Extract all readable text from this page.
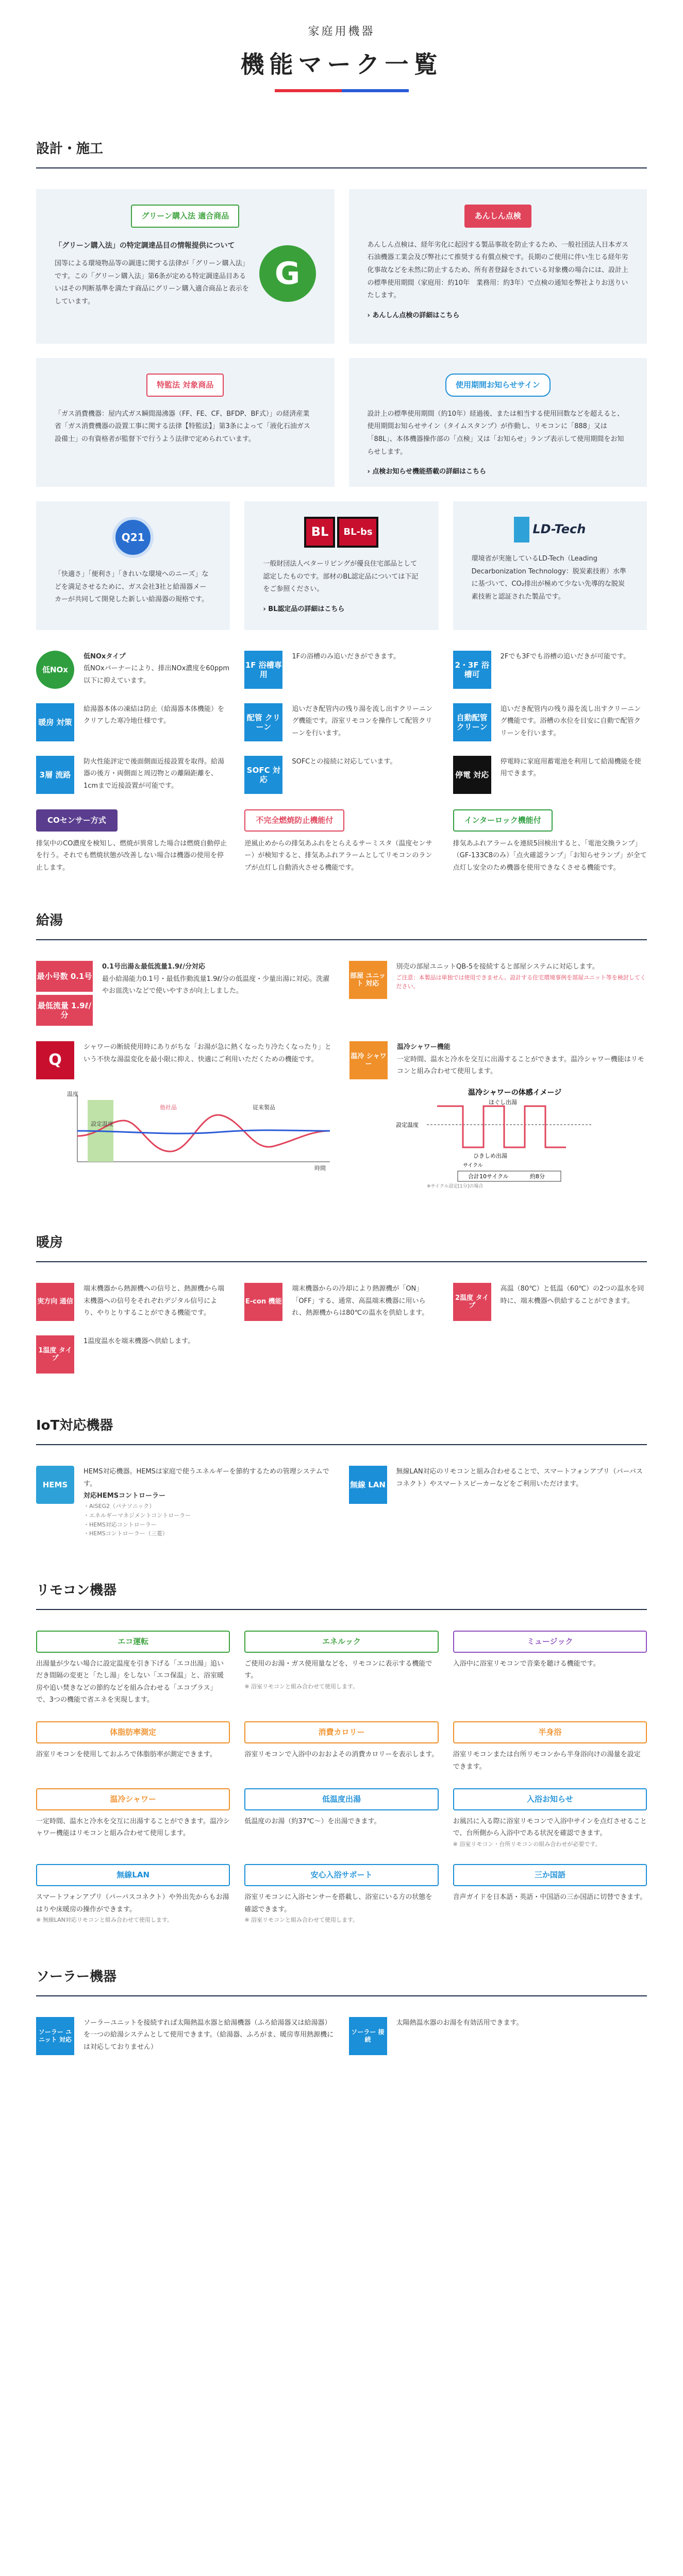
家庭用機器
機能マーク一覧
設計・施工
グリーン購入法 適合商品
「グリーン購入法」の特定調達品目の情報提供について
国等による環境物品等の調達に関する法律が「グリーン購入法」です。この「グリーン購入法」第6条が定める特定調達品目あるいはその判断基準を満たす商品にグリーン購入適合商品と表示をしています。
G
あんしん点検
あんしん点検は、経年劣化に起因する製品事故を防止するため、一般社団法人日本ガス石油機器工業会及び弊社にて推奨する有償点検です。長期のご使用に伴い生じる経年劣化事故などを未然に防止するため、所有者登録をされている対象機の場合には、設計上の標準使用期間（家庭用：約10年　業務用：約3年）で点検の通知を弊社よりお送りいたします。
› あんしん点検の詳細はこちら
特監法 対象商品
「ガス消費機器：屋内式ガス瞬間湯沸器（FF、FE、CF、BFDP、BF式）」の経済産業省「ガス消費機器の設置工事に関する法律【特監法】」第3条によって「液化石油ガス設備士」の有資格者が監督下で行うよう法律で定められています。
使用期間お知らせサイン
設計上の標準使用期間（約10年）経過後、または相当する使用回数などを超えると、使用期間お知らせサイン（タイムスタンプ）が作動し、リモコンに「888」又は「88L」、本体機器操作部の「点検」又は「お知らせ」ランプ表示して使用期間をお知らせします。
› 点検お知らせ機能搭載の詳細はこちら
Q21
「快適さ」「便利さ」「きれいな環境へのニーズ」などを満足させるために、ガス会社3社と給湯器メーカーが共同して開発した新しい給湯器の規格です。
BL	BL-bs
一般財団法人ベターリビングが優良住宅部品として認定したものです。部材のBL認定品については下記をご参照ください。
› BL認定品の詳細はこちら
LD-Tech
環境省が実施しているLD-Tech（Leading Decarbonization Technology：脱炭素技術）水準に基づいて、CO₂排出が極めて少ない先導的な脱炭素技術と認証された製品です。
低NOx
低NOxタイプ
低NOxバーナーにより、排出NOx濃度を60ppm以下に抑えています。
1F 浴槽専用
1Fの浴槽のみ追いだきができます。
2・3F 浴槽可
2Fでも3Fでも浴槽の追いだきが可能です。
暖房 対策
給湯器本体の凍結は防止（給湯器本体機能）をクリアした寒冷地仕様です。	配管 クリーン
追いだき配管内の残り湯を流し出すクリーニング機能です。浴室リモコンを操作して配管クリーンを行います。
自動配管 クリーン
追いだき配管内の残り湯を流し出すクリーニング機能です。浴槽の水位を目安に自動で配管クリーンを行います。
3層 流路
防火性能評定で後面側面近接設置を取得。給湯器の後方・両側面と周辺物との離隔距離を、1cmまで近接設置が可能です。
SOFC 対応
SOFCとの接続に対応しています。
停電 対応
停電時に家庭用蓄電池を利用して給湯機能を使用できます。
COセンサー方式
排気中のCO濃度を検知し、燃焼が異常した場合は燃焼自動停止を行う。それでも燃焼状態が改善しない場合は機器の使用を停止します。
不完全燃焼防止機能付
逆風止めからの排気あふれをとらえるサーミスタ（温度センサー）が検知すると、排気あふれアラームとしてリモコンのランプが点灯し自動消火させる機能です。
インターロック機能付
排気あふれアラームを連続5回検出すると、「電池交換ランプ」（GF-133C8のみ）「点火確認ランプ」「お知らせランプ」が全て点灯し安全のため機器を使用できなくさせる機能です。
給湯
最小号数 0.1号
最低流量 1.9ℓ/分
0.1号出湯＆最低流量1.9ℓ/分対応
最小給湯能力0.1号・最低作動流量1.9ℓ/分の低温度・少量出湯に対応。洗濯やお皿洗いなどで使いやすさが向上しました。
部屋 ユニット 対応
別売の部屋ユニットQB-5を接続すると部屋システムに対応します。
ご注意：本製品は単独では使用できません。設計する住宅環境事例を部屋ユニット等を検討してください。
Q
シャワーの断続使用時にありがちな「お湯が急に熱くなったり冷たくなったり」という不快な湯温変化を最小限に抑え、快適にご利用いただくための機能です。
他社品	従来製品
設定温度
温度
時間
温冷 シャワー
温冷シャワー機能
一定時間、温水と冷水を交互に出湯することができます。温冷シャワー機能はリモコンと組み合わせて使用します。
温冷シャワーの体感イメージ
設定温度
ほぐし出湯
ひきしめ出湯
サイクル
合計10サイクル	約8分
※サイクル設定[1分]の場合
暖房
実方向 通信
端末機器から熱源機への信号と、熱源機から端末機器への信号をそれぞれデジタル信号により、やりとりすることができる機能です。
E-con 機能
端末機器からの冷却により熱源機が「ON」「OFF」する、通常、高温端末機器に用いられ、熱源機からは80℃の温水を供給します。
2温度 タイプ
高温（80℃）と低温（60℃）の2つの温水を同時に、端末機器へ供給することができます。
1温度 タイプ
1温度温水を端末機器へ供給します。
IoT対応機器
HEMS
HEMS対応機器。HEMSは家庭で使うエネルギーを節約するための管理システムです。
対応HEMSコントローラー
・AiSEG2（パナソニック）
・エネルギーマネジメントコントローラー
・HEMS対応コントローラー
・HEMSコントローラー（三菱）
無線 LAN
無線LAN対応のリモコンと組み合わせることで、スマートフォンアプリ（パーパスコネクト）やスマートスピーカーなどをご利用いただけます。
リモコン機器
エコ運転
出湯量が少ない場合に設定温度を引き下げる「エコ出湯」追いだき間隔の変更と「たし湯」をしない「エコ保温」と、浴室暖房や追い焚きなどの節約などを組み合わせる「エコプラス」で、3つの機能で省エネを実現します。
エネルック
ご使用のお湯・ガス使用量などを、リモコンに表示する機能です。
※ 浴室リモコンと組み合わせて使用します。
ミュージック
入浴中に浴室リモコンで音楽を聴ける機能です。
体脂肪率測定
浴室リモコンを使用しておふろで体脂肪率が測定できます。
消費カロリー
浴室リモコンで入浴中のおおよその消費カロリーを表示します。
半身浴
浴室リモコンまたは台所リモコンから半身浴向けの湯量を設定できます。
温冷シャワー
一定時間、温水と冷水を交互に出湯することができます。温冷シャワー機能はリモコンと組み合わせて使用します。
低温度出湯
低温度のお湯（約37℃～）を出湯できます。
入浴お知らせ
お風呂に入る際に浴室リモコンで入浴中サインを点灯させることで、台所側から入浴中である状況を確認できます。
※ 浴室リモコン・台所リモコンの組み合わせが必要です。
無線LAN
スマートフォンアプリ（パーパスコネクト）や外出先からもお湯はりや床暖房の操作ができます。
※ 無線LAN対応リモコンと組み合わせて使用します。
安心入浴サポート
浴室リモコンに入浴センサーを搭載し、浴室にいる方の状態を確認できます。
※ 浴室リモコンと組み合わせて使用します。
三か国語
音声ガイドを日本語・英語・中国語の三か国語に切替できます。
ソーラー機器
ソーラー ユニット 対応
ソーラーユニットを接続すれば太陽熱温水器と給湯機器（ふろ給湯器又は給湯器）を一つの給湯システムとして使用できます。（給湯器、ふろがま、暖房専用熱源機には対応しておりません）
ソーラー 接続
太陽熱温水器のお湯を有効活用できます。
